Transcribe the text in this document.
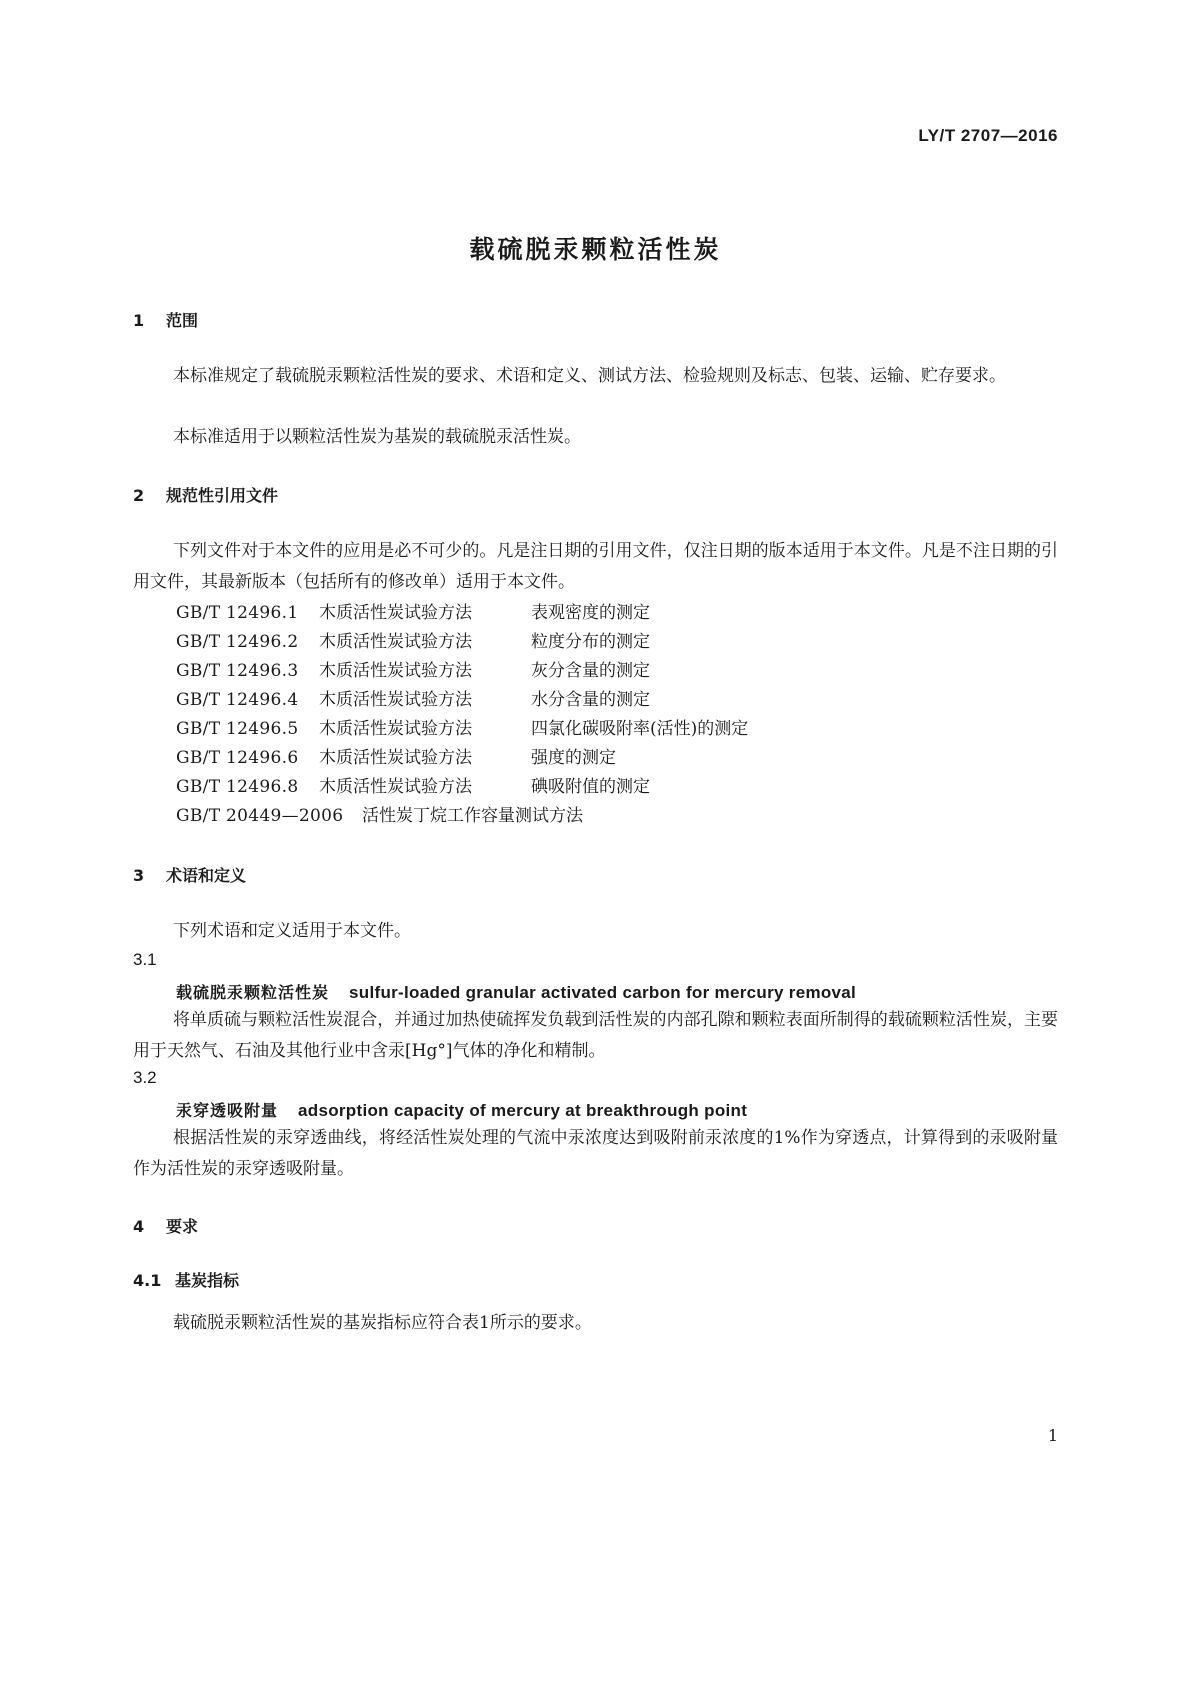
LY/T 2707—2016
载硫脱汞颗粒活性炭
1 范围
本标准规定了载硫脱汞颗粒活性炭的要求、术语和定义、测试方法、检验规则及标志、包装、运输、贮存要求。
本标准适用于以颗粒活性炭为基炭的载硫脱汞活性炭。
2 规范性引用文件
下列文件对于本文件的应用是必不可少的。凡是注日期的引用文件，仅注日期的版本适用于本文件。凡是不注日期的引用文件，其最新版本（包括所有的修改单）适用于本文件。
GB/T 12496.1 木质活性炭试验方法	表观密度的测定
GB/T 12496.2 木质活性炭试验方法	粒度分布的测定
GB/T 12496.3 木质活性炭试验方法	灰分含量的测定
GB/T 12496.4 木质活性炭试验方法	水分含量的测定
GB/T 12496.5 木质活性炭试验方法	四氯化碳吸附率(活性)的测定
GB/T 12496.6 木质活性炭试验方法	强度的测定
GB/T 12496.8 木质活性炭试验方法	碘吸附值的测定
GB/T 20449—2006 活性炭丁烷工作容量测试方法
3 术语和定义
下列术语和定义适用于本文件。
3.1
载硫脱汞颗粒活性炭 sulfur-loaded granular activated carbon for mercury removal
将单质硫与颗粒活性炭混合，并通过加热使硫挥发负载到活性炭的内部孔隙和颗粒表面所制得的载硫颗粒活性炭，主要用于天然气、石油及其他行业中含汞[Hg°]气体的净化和精制。
3.2
汞穿透吸附量 adsorption capacity of mercury at breakthrough point
根据活性炭的汞穿透曲线，将经活性炭处理的气流中汞浓度达到吸附前汞浓度的1%作为穿透点，计算得到的汞吸附量作为活性炭的汞穿透吸附量。
4 要求
4.1 基炭指标
载硫脱汞颗粒活性炭的基炭指标应符合表1所示的要求。
1
